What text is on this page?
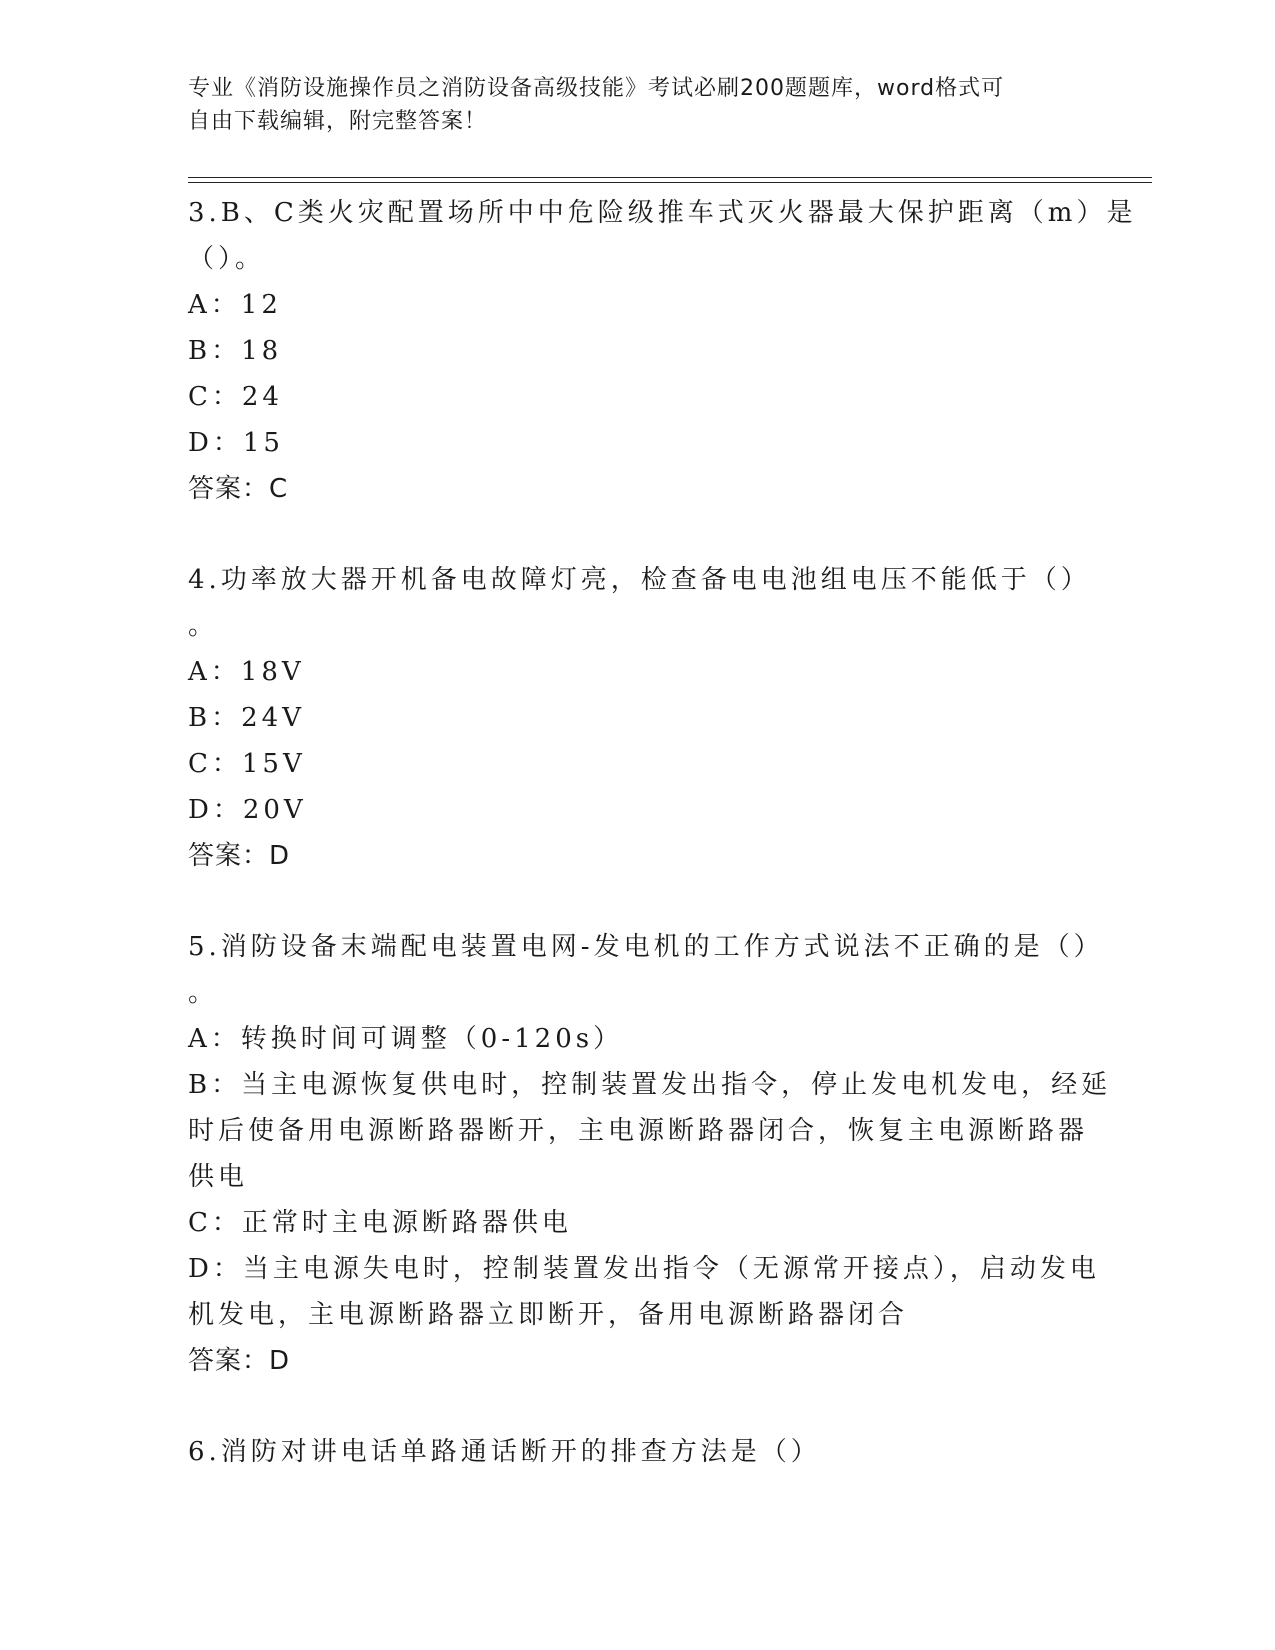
专业《消防设施操作员之消防设备高级技能》考试必刷200题题库，word格式可
自由下载编辑，附完整答案！
3.B、C类火灾配置场所中中危险级推车式灭火器最大保护距离（m）是
（）。
A：12
B：18
C：24
D：15
答案：C
4.功率放大器开机备电故障灯亮，检查备电电池组电压不能低于（）
。
A：18V
B：24V
C：15V
D：20V
答案：D
5.消防设备末端配电装置电网-发电机的工作方式说法不正确的是（）
。
A：转换时间可调整（0-120s）
B：当主电源恢复供电时，控制装置发出指令，停止发电机发电，经延
时后使备用电源断路器断开，主电源断路器闭合，恢复主电源断路器
供电
C：正常时主电源断路器供电
D：当主电源失电时，控制装置发出指令（无源常开接点），启动发电
机发电，主电源断路器立即断开，备用电源断路器闭合
答案：D
6.消防对讲电话单路通话断开的排查方法是（）
